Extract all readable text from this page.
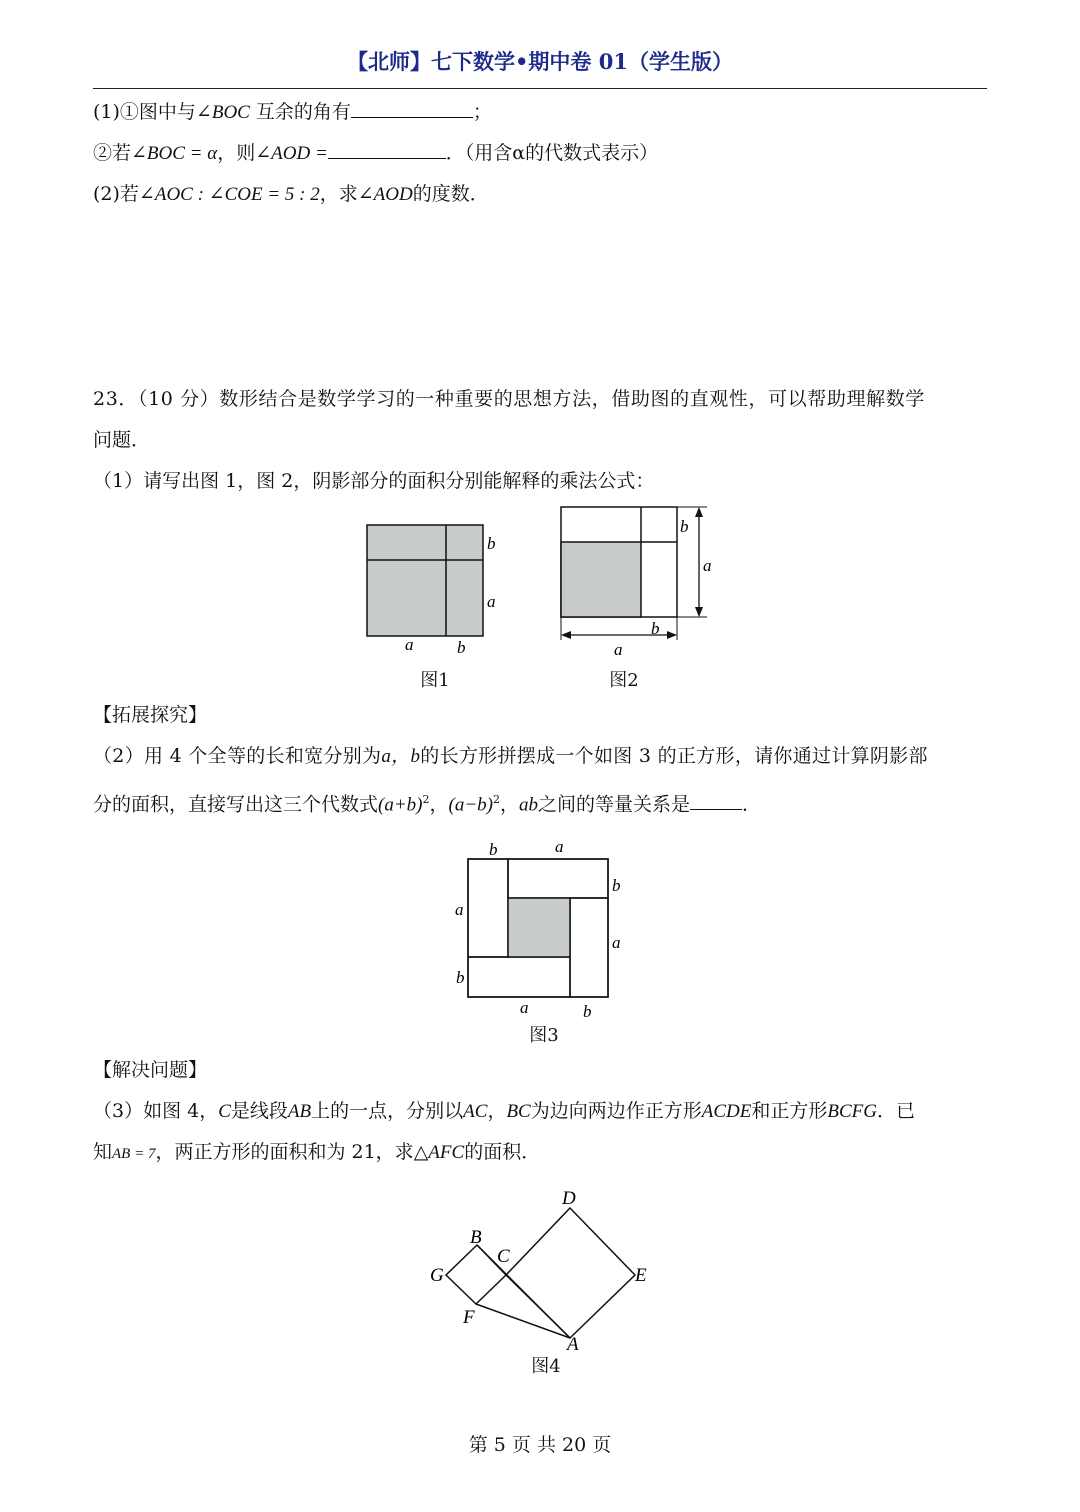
【北师】七下数学•期中卷 01（学生版）
(1)①图中与∠BOC 互余的角有	；
②若∠BOC = α，则∠AOD =	．（用含α的代数式表示）
(2)若∠AOC : ∠COE = 5 : 2，求∠AOD的度数．
23．（10 分）数形结合是数学学习的一种重要的思想方法，借助图的直观性，可以帮助理解数学
问题．
（1）请写出图 1，图 2，阴影部分的面积分别能解释的乘法公式：
a	b
b
a
图1
b
a
b
a
图2
【拓展探究】
（2）用 4 个全等的长和宽分别为a，b的长方形拼摆成一个如图 3 的正方形，请你通过计算阴影部
分的面积，直接写出这三个代数式$(a+b)^2$，$(a-b)^2$，ab之间的等量关系是	．
b	a
b
a
a
b
a	b
图3
【解决问题】
（3）如图 4，C是线段AB上的一点，分别以AC，BC为边向两边作正方形ACDE和正方形BCFG．已
知AB = 7，两正方形的面积和为 21，求△AFC的面积．
D
B
C
G	E
F
A
图4
第 5 页 共 20 页
